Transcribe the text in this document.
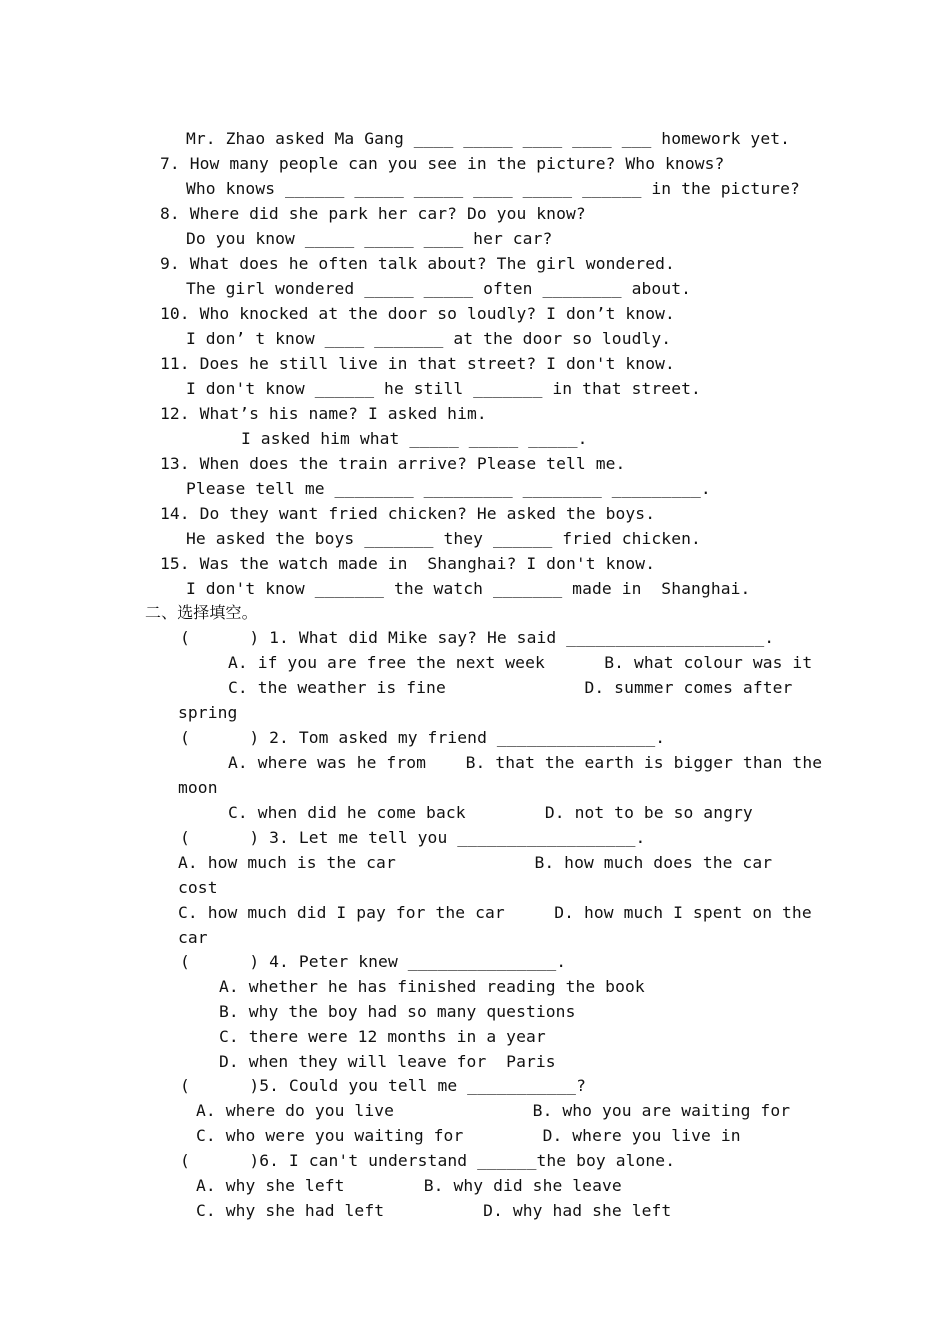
Mr. Zhao asked Ma Gang ____ _____ ____ ____ ___ homework yet.
7. How many people can you see in the picture? Who knows?
Who knows ______ _____ _____ ____ _____ ______ in the picture?
8. Where did she park her car? Do you know?
Do you know _____ _____ ____ her car?
9. What does he often talk about? The girl wondered.
The girl wondered _____ _____ often ________ about.
10. Who knocked at the door so loudly? I don’t know.
I don’ t know ____ _______ at the door so loudly.
11. Does he still live in that street? I don't know.
I don't know ______ he still _______ in that street.
12. What’s his name? I asked him.
I asked him what _____ _____ _____.
13. When does the train arrive? Please tell me.
Please tell me ________ _________ ________ _________.
14. Do they want fried chicken? He asked the boys.
He asked the boys _______ they ______ fried chicken.
15. Was the watch made in  Shanghai? I don't know.
I don't know _______ the watch _______ made in  Shanghai.
二、选择填空。
(      ) 1. What did Mike say? He said ____________________.
A. if you are free the next week      B. what colour was it
C. the weather is fine              D. summer comes after
spring
(      ) 2. Tom asked my friend ________________.
A. where was he from    B. that the earth is bigger than the
moon
C. when did he come back        D. not to be so angry
(      ) 3. Let me tell you __________________.
A. how much is the car              B. how much does the car
cost
C. how much did I pay for the car     D. how much I spent on the
car
(      ) 4. Peter knew _______________.
A. whether he has finished reading the book
B. why the boy had so many questions
C. there were 12 months in a year
D. when they will leave for  Paris
(      )5. Could you tell me ___________?
A. where do you live              B. who you are waiting for
C. who were you waiting for        D. where you live in
(      )6. I can't understand ______the boy alone.
A. why she left        B. why did she leave
C. why she had left          D. why had she left
